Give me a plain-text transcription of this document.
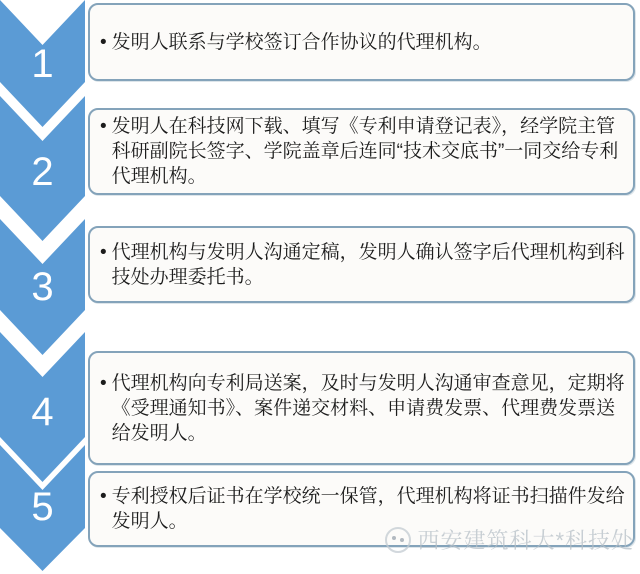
1
2
3
4
5
• 发明人联系与学校签订合作协议的代理机构。
• 发明人在科技网下载、填写《专利申请登记表》，经学院主管科研副院长签字、学院盖章后连同“技术交底书”一同交给专利代理机构。
• 代理机构与发明人沟通定稿，发明人确认签字后代理机构到科技处办理委托书。
• 代理机构向专利局送案，及时与发明人沟通审查意见，定期将《受理通知书》、案件递交材料、申请费发票、代理费发票送给发明人。
• 专利授权后证书在学校统一保管，代理机构将证书扫描件发给发明人。
西安建筑科大*科技处
